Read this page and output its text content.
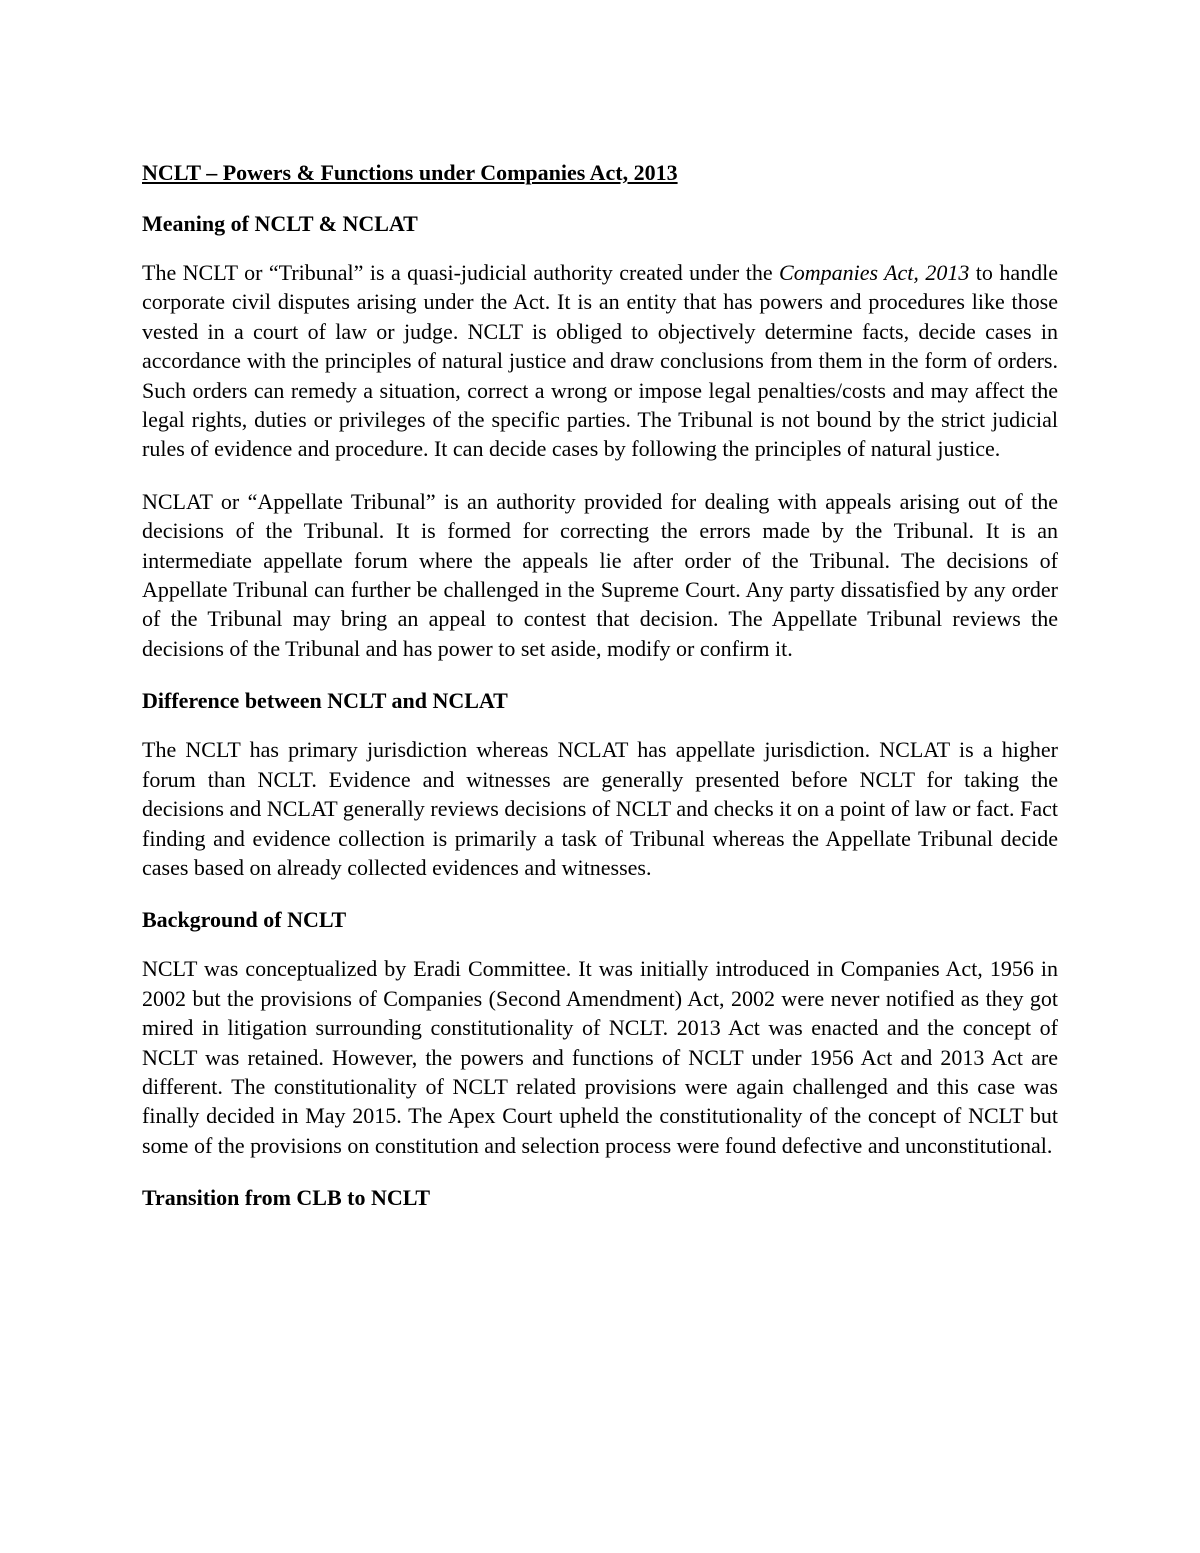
NCLT – Powers & Functions under Companies Act, 2013
Meaning of NCLT & NCLAT

The NCLT or “Tribunal” is a quasi-judicial authority created under the Companies Act, 2013 to handle corporate civil disputes arising under the Act. It is an entity that has powers and procedures like those vested in a court of law or judge. NCLT is obliged to objectively determine facts, decide cases in accordance with the principles of natural justice and draw conclusions from them in the form of orders. Such orders can remedy a situation, correct a wrong or impose legal penalties/costs and may affect the legal rights, duties or privileges of the specific parties. The Tribunal is not bound by the strict judicial rules of evidence and procedure. It can decide cases by following the principles of natural justice.

NCLAT or “Appellate Tribunal” is an authority provided for dealing with appeals arising out of the decisions of the Tribunal. It is formed for correcting the errors made by the Tribunal. It is an intermediate appellate forum where the appeals lie after order of the Tribunal. The decisions of Appellate Tribunal can further be challenged in the Supreme Court. Any party dissatisfied by any order of the Tribunal may bring an appeal to contest that decision. The Appellate Tribunal reviews the decisions of the Tribunal and has power to set aside, modify or confirm it.

Difference between NCLT and NCLAT

The NCLT has primary jurisdiction whereas NCLAT has appellate jurisdiction. NCLAT is a higher forum than NCLT. Evidence and witnesses are generally presented before NCLT for taking the decisions and NCLAT generally reviews decisions of NCLT and checks it on a point of law or fact. Fact finding and evidence collection is primarily a task of Tribunal whereas the Appellate Tribunal decide cases based on already collected evidences and witnesses.

Background of NCLT

NCLT was conceptualized by Eradi Committee. It was initially introduced in Companies Act, 1956 in 2002 but the provisions of Companies (Second Amendment) Act, 2002 were never notified as they got mired in litigation surrounding constitutionality of NCLT. 2013 Act was enacted and the concept of NCLT was retained. However, the powers and functions of NCLT under 1956 Act and 2013 Act are different. The constitutionality of NCLT related provisions were again challenged and this case was finally decided in May 2015. The Apex Court upheld the constitutionality of the concept of NCLT but some of the provisions on constitution and selection process were found defective and unconstitutional.

Transition from CLB to NCLT
